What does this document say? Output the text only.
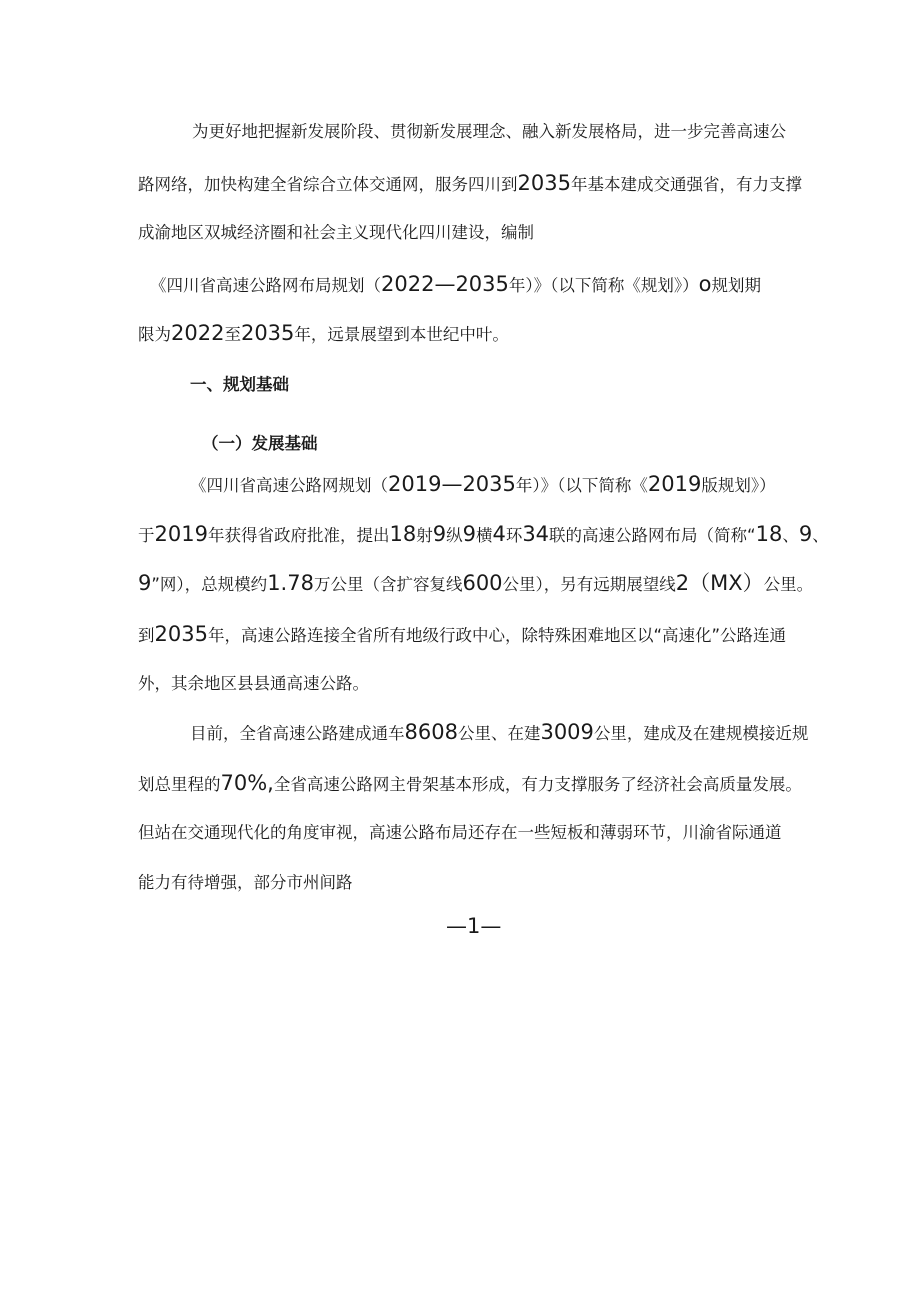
为更好地把握新发展阶段、贯彻新发展理念、融入新发展格局，进一步完善高速公
路网络，加快构建全省综合立体交通网，服务四川到2035年基本建成交通强省，有力支撑
成渝地区双城经济圈和社会主义现代化四川建设，编制
《四川省高速公路网布局规划（2022—2035年）》（以下简称《规划》）o规划期
限为2022至2035年，远景展望到本世纪中叶。
一、规划基础
（一）发展基础
《四川省高速公路网规划（2019—2035年）》（以下简称《2019版规划》）
于2019年获得省政府批准，提出18射9纵9横4环34联的高速公路网布局（简称“18、9、
9”网），总规模约1.78万公里（含扩容复线600公里），另有远期展望线2（MX）公里。
到2035年，高速公路连接全省所有地级行政中心，除特殊困难地区以“高速化”公路连通
外，其余地区县县通高速公路。
目前，全省高速公路建成通车8608公里、在建3009公里，建成及在建规模接近规
划总里程的70%,全省高速公路网主骨架基本形成，有力支撑服务了经济社会高质量发展。
但站在交通现代化的角度审视，高速公路布局还存在一些短板和薄弱环节，川渝省际通道
能力有待增强，部分市州间路
—1—
